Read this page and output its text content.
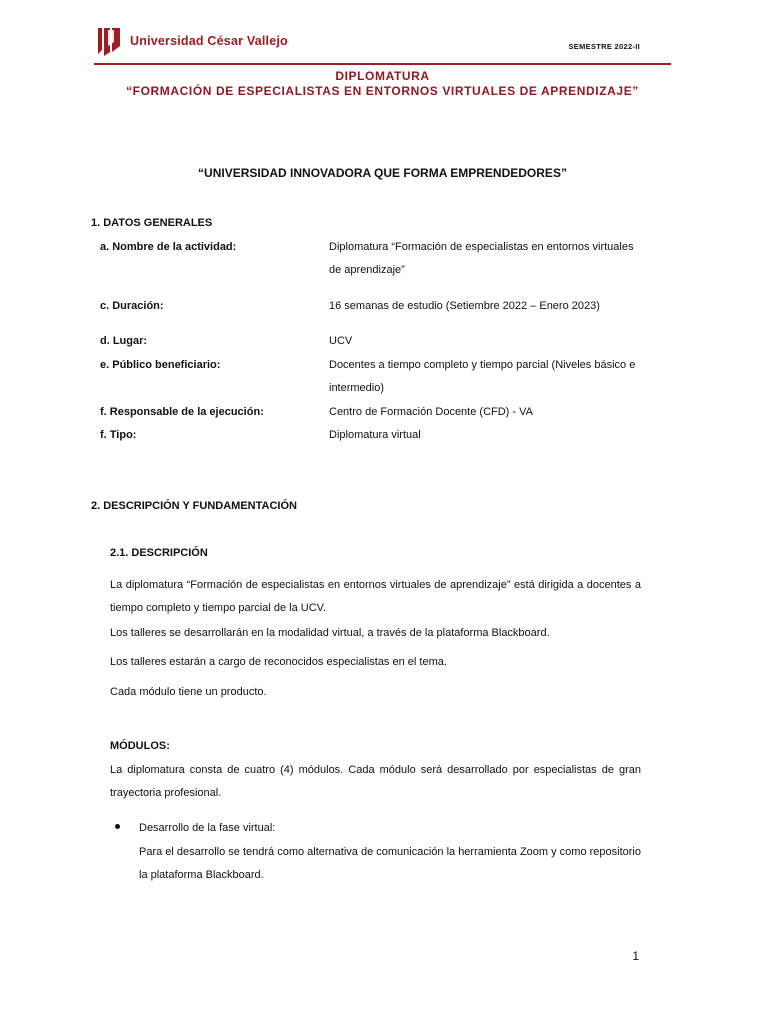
Universidad César Vallejo	SEMESTRE 2022-II
DIPLOMATURA
“FORMACIÓN DE ESPECIALISTAS EN ENTORNOS VIRTUALES DE APRENDIZAJE”
“UNIVERSIDAD INNOVADORA QUE FORMA EMPRENDEDORES”
1. DATOS GENERALES
a. Nombre de la actividad:	Diplomatura “Formación de especialistas en entornos virtuales de aprendizaje”
c. Duración:	16 semanas de estudio (Setiembre 2022 – Enero 2023)
d. Lugar:	UCV
e. Público beneficiario:	Docentes a tiempo completo y tiempo parcial (Niveles básico e intermedio)
f. Responsable de la ejecución:	Centro de Formación Docente (CFD) - VA
f. Tipo:	Diplomatura virtual
2. DESCRIPCIÓN Y FUNDAMENTACIÓN
2.1. DESCRIPCIÓN
La diplomatura “Formación de especialistas en entornos virtuales de aprendizaje” está dirigida a docentes a tiempo completo y tiempo parcial de la UCV.
Los talleres se desarrollarán en la modalidad virtual, a través de la plataforma Blackboard.
Los talleres estarán a cargo de reconocidos especialistas en el tema.
Cada módulo tiene un producto.
MÓDULOS:
La diplomatura consta de cuatro (4) módulos. Cada módulo será desarrollado por especialistas de gran trayectoria profesional.
Desarrollo de la fase virtual:
Para el desarrollo se tendrá como alternativa de comunicación la herramienta Zoom y como repositorio la plataforma Blackboard.
1
